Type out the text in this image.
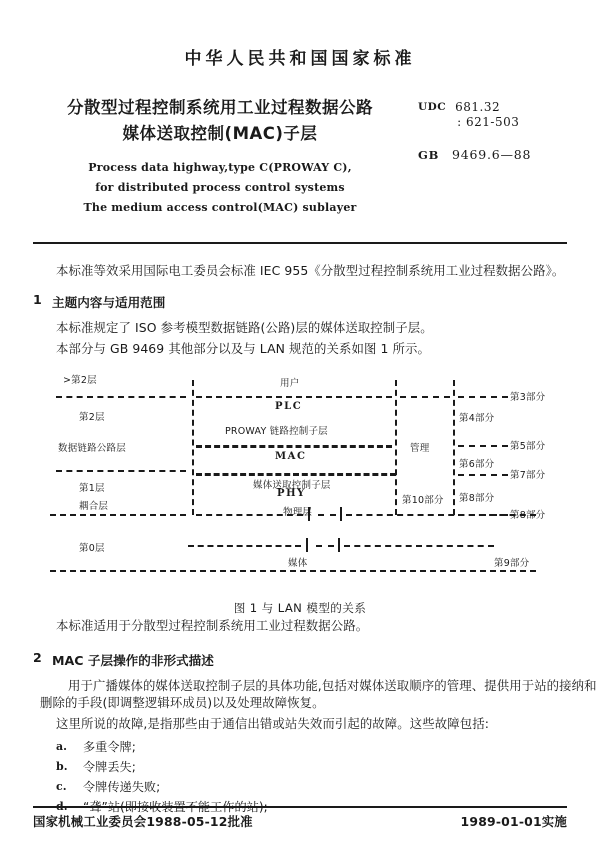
中华人民共和国国家标准
分散型过程控制系统用工业过程数据公路
媒体送取控制(MAC)子层
UDC 681.32
: 621-503
GB 9469.6—88
Process data highway,type C(PROWAY C),
for distributed process control systems
The medium access control(MAC) sublayer
本标准等效采用国际电工委员会标准 IEC 955《分散型过程控制系统用工业过程数据公路》。
1 主题内容与适用范围
本标准规定了 ISO 参考模型数据链路(公路)层的媒体送取控制子层。
本部分与 GB 9469 其他部分以及与 LAN 规范的关系如图 1 所示。
本标准适用于分散型过程控制系统用工业过程数据公路。
2 MAC 子层操作的非形式描述
用于广播媒体的媒体送取控制子层的具体功能,包括对媒体送取顺序的管理、提供用于站的接纳和
删除的手段(即调整逻辑环成员)以及处理故障恢复。
这里所说的故障,是指那些由于通信出错或站失效而引起的故障。这些故障包括:
a. 多重令牌;
b. 令牌丢失;
c. 令牌传递失败;
>第2层
第2层
数据链路公路层
第1层
耦合层
第0层
用户
PLC
PROWAY 链路控制子层
MAC
媒体送取控制子层
PHY
物理层
媒体
管理
第10部分
第3部分
第4部分
第5部分
第6部分
第7部分
第8部分
第8部分
第9部分
图 1 与 LAN 模型的关系
国家机械工业委员会1988-05-12批准	1989-01-01实施
